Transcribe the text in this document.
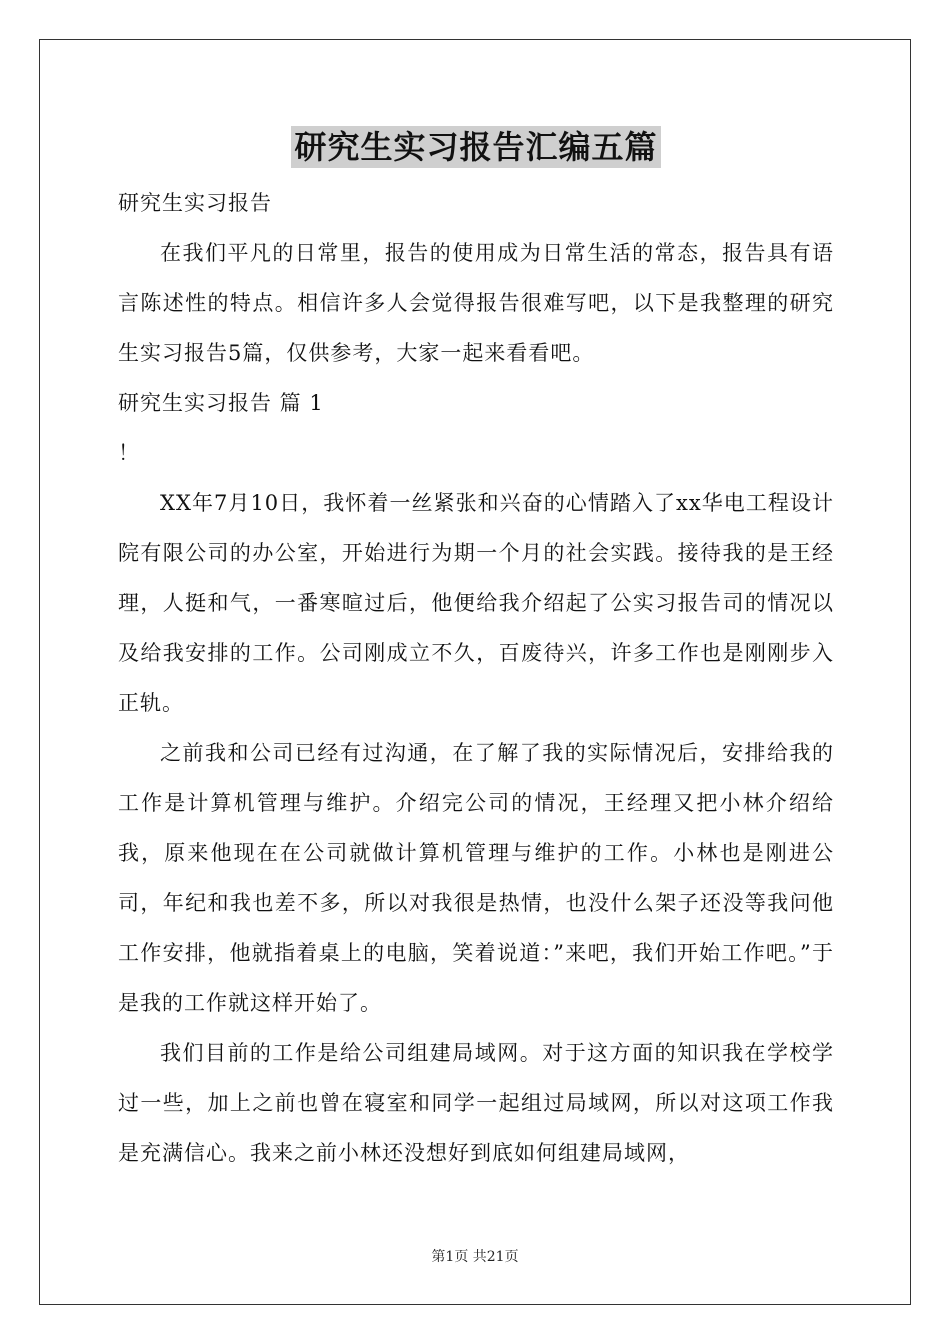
研究生实习报告汇编五篇

研究生实习报告

在我们平凡的日常里，报告的使用成为日常生活的常态，报告具有语言陈述性的特点。相信许多人会觉得报告很难写吧，以下是我整理的研究生实习报告5篇，仅供参考，大家一起来看看吧。

研究生实习报告 篇 1

！

XX年7月10日，我怀着一丝紧张和兴奋的心情踏入了xx华电工程设计院有限公司的办公室，开始进行为期一个月的社会实践。接待我的是王经理，人挺和气，一番寒暄过后，他便给我介绍起了公实习报告司的情况以及给我安排的工作。公司刚成立不久，百废待兴，许多工作也是刚刚步入正轨。

之前我和公司已经有过沟通，在了解了我的实际情况后，安排给我的工作是计算机管理与维护。介绍完公司的情况，王经理又把小林介绍给我，原来他现在在公司就做计算机管理与维护的工作。小林也是刚进公司，年纪和我也差不多，所以对我很是热情，也没什么架子还没等我问他工作安排，他就指着桌上的电脑，笑着说道：”来吧，我们开始工作吧。”于是我的工作就这样开始了。

我们目前的工作是给公司组建局域网。对于这方面的知识我在学校学过一些，加上之前也曾在寝室和同学一起组过局域网，所以对这项工作我是充满信心。我来之前小林还没想好到底如何组建局域网，

第1页 共21页
